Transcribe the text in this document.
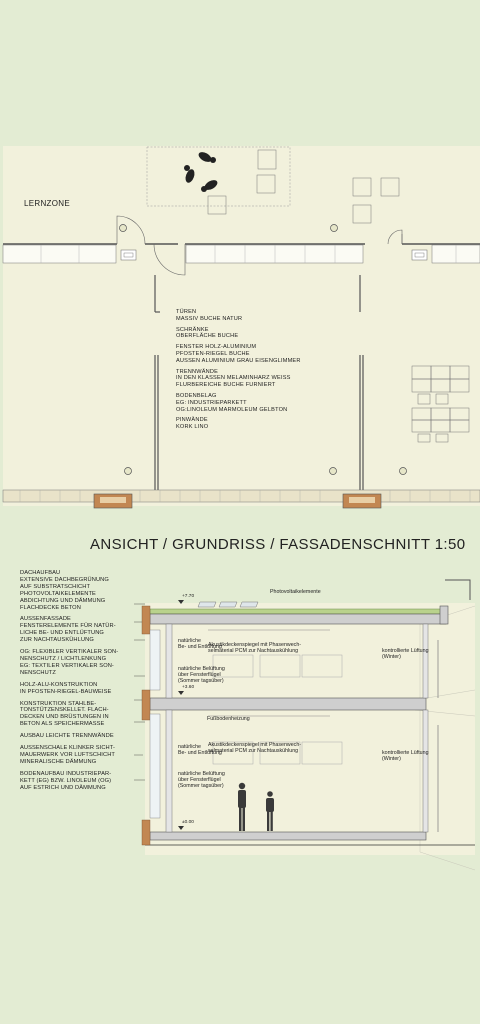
LERNZONE
TÜREN
MASSIV BUCHE NATUR
SCHRÄNKE
OBERFLÄCHE BUCHE
FENSTER HOLZ-ALUMINIUM
PFOSTEN-RIEGEL BUCHE
AUSSEN ALUMINIUM GRAU EISENGLIMMER
TRENNWÄNDE
IN DEN KLASSEN MELAMINHARZ WEISS
FLURBEREICHE BUCHE FURNIERT
BODENBELAG
EG: INDUSTRIEPARKETT
OG:LINOLEUM MARMOLEUM GELBTON
PINWÄNDE
KORK LINO
ANSICHT / GRUNDRISS / FASSADENSCHNITT 1:50
DACHAUFBAU
EXTENSIVE DACHBEGRÜNUNG
AUF SUBSTRATSCHICHT
PHOTOVOLTAIKELEMENTE
ABDICHTUNG UND DÄMMUNG
FLACHDECKE BETON
AUSSENFASSADE
FENSTERELEMENTE FÜR NATÜR-
LICHE BE- UND ENTLÜFTUNG
ZUR NACHTAUSKÜHLUNG
OG: FLEXIBLER VERTIKALER SON-
NENSCHUTZ / LICHTLENKUNG
EG: TEXTILER VERTIKALER SON-
NENSCHUTZ
HOLZ-ALU-KONSTRUKTION
IN PFOSTEN-RIEGEL-BAUWEISE
KONSTRUKTION STAHLBE-
TONSTÜTZENSKELLET. FLACH-
DECKEN UND BRÜSTUNGEN IN
BETON ALS SPEICHERMASSE
AUSBAU LEICHTE TRENNWÄNDE
AUSSENSCHALE KLINKER SICHT-
MAUERWERK VOR LUFTSCHICHT
MINERALISCHE DÄMMUNG
BODENAUFBAU INDUSTRIEPAR-
KETT (EG) BZW. LINOLEUM (OG)
AUF ESTRICH UND DÄMMUNG
Photovoltaikelemente
+7.70
+3.60
±0.00
natürliche
Be- und Entlüftung
Akustikdeckenspiegel mit Phasenwech-
selmaterial PCM zur Nachtauskühlung	kontrollierte Lüftung
(Winter)
natürliche Belüftung
über Fensterflügel
(Sommer tagsüber)
Fußbodenheizung
natürliche
Be- und Entlüftung
Akustikdeckenspiegel mit Phasenwech-
selmaterial PCM zur Nachtauskühlung	kontrollierte Lüftung
(Winter)
natürliche Belüftung
über Fensterflügel
(Sommer tagsüber)
